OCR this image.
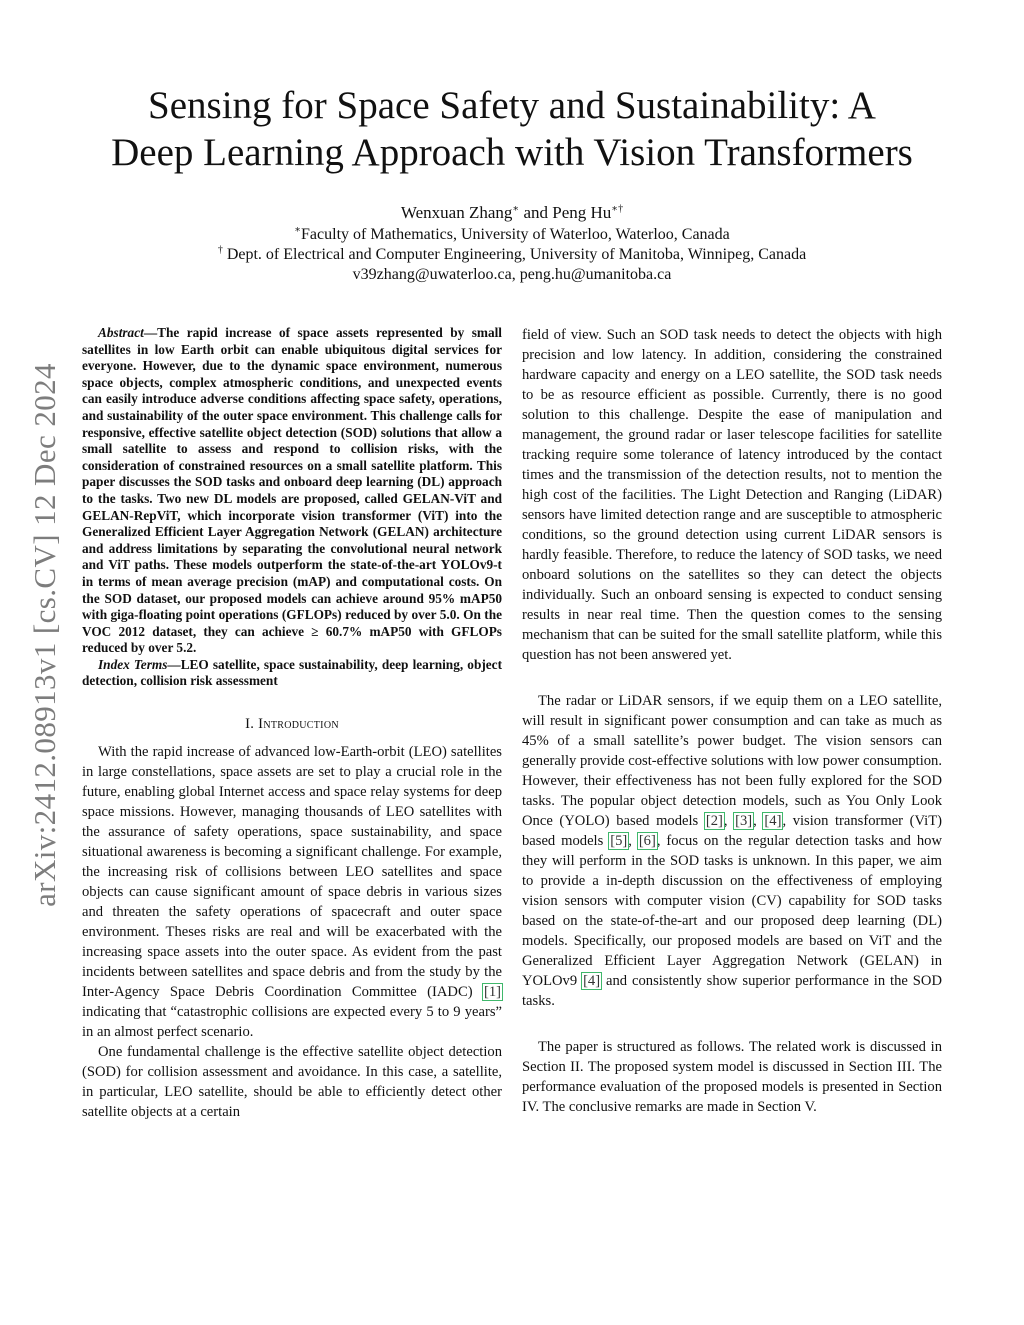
arXiv:2412.08913v1 [cs.CV] 12 Dec 2024
Sensing for Space Safety and Sustainability: A
Deep Learning Approach with Vision Transformers
Wenxuan Zhang∗ and Peng Hu∗†
∗Faculty of Mathematics, University of Waterloo, Waterloo, Canada
† Dept. of Electrical and Computer Engineering, University of Manitoba, Winnipeg, Canada
v39zhang@uwaterloo.ca, peng.hu@umanitoba.ca

Abstract—The rapid increase of space assets represented by small satellites in low Earth orbit can enable ubiquitous digital services for everyone. However, due to the dynamic space environment, numerous space objects, complex atmospheric conditions, and unexpected events can easily introduce adverse conditions affecting space safety, operations, and sustainability of the outer space environment. This challenge calls for responsive, effective satellite object detection (SOD) solutions that allow a small satellite to assess and respond to collision risks, with the consideration of constrained resources on a small satellite platform. This paper discusses the SOD tasks and onboard deep learning (DL) approach to the tasks. Two new DL models are proposed, called GELAN-ViT and GELAN-RepViT, which incorporate vision transformer (ViT) into the Generalized Efficient Layer Aggregation Network (GELAN) architecture and address limitations by separating the convolutional neural network and ViT paths. These models outperform the state-of-the-art YOLOv9-t in terms of mean average precision (mAP) and computational costs. On the SOD dataset, our proposed models can achieve around 95% mAP50 with giga-floating point operations (GFLOPs) reduced by over 5.0. On the VOC 2012 dataset, they can achieve ≥ 60.7% mAP50 with GFLOPs reduced by over 5.2.

Index Terms—LEO satellite, space sustainability, deep learning, object detection, collision risk assessment

I. Introduction

With the rapid increase of advanced low-Earth-orbit (LEO) satellites in large constellations, space assets are set to play a crucial role in the future, enabling global Internet access and space relay systems for deep space missions. However, managing thousands of LEO satellites with the assurance of safety operations, space sustainability, and space situational awareness is becoming a significant challenge. For example, the increasing risk of collisions between LEO satellites and space objects can cause significant amount of space debris in various sizes and threaten the safety operations of spacecraft and outer space environment. Theses risks are real and will be exacerbated with the increasing space assets into the outer space. As evident from the past incidents between satellites and space debris and from the study by the Inter-Agency Space Debris Coordination Committee (IADC) [1] indicating that “catastrophic collisions are expected every 5 to 9 years” in an almost perfect scenario.

One fundamental challenge is the effective satellite object detection (SOD) for collision assessment and avoidance. In this case, a satellite, in particular, LEO satellite, should be able to efficiently detect other satellite objects at a certain

field of view. Such an SOD task needs to detect the objects with high precision and low latency. In addition, considering the constrained hardware capacity and energy on a LEO satellite, the SOD task needs to be as resource efficient as possible. Currently, there is no good solution to this challenge. Despite the ease of manipulation and management, the ground radar or laser telescope facilities for satellite tracking require some tolerance of latency introduced by the contact times and the transmission of the detection results, not to mention the high cost of the facilities. The Light Detection and Ranging (LiDAR) sensors have limited detection range and are susceptible to atmospheric conditions, so the ground detection using current LiDAR sensors is hardly feasible. Therefore, to reduce the latency of SOD tasks, we need onboard solutions on the satellites so they can detect the objects individually. Such an onboard sensing is expected to conduct sensing results in near real time. Then the question comes to the sensing mechanism that can be suited for the small satellite platform, while this question has not been answered yet.

The radar or LiDAR sensors, if we equip them on a LEO satellite, will result in significant power consumption and can take as much as 45% of a small satellite’s power budget. The vision sensors can generally provide cost-effective solutions with low power consumption. However, their effectiveness has not been fully explored for the SOD tasks. The popular object detection models, such as You Only Look Once (YOLO) based models [2], [3], [4], vision transformer (ViT) based models [5], [6], focus on the regular detection tasks and how they will perform in the SOD tasks is unknown. In this paper, we aim to provide a in-depth discussion on the effectiveness of employing vision sensors with computer vision (CV) capability for SOD tasks based on the state-of-the-art and our proposed deep learning (DL) models. Specifically, our proposed models are based on ViT and the Generalized Efficient Layer Aggregation Network (GELAN) in YOLOv9 [4] and consistently show superior performance in the SOD tasks.

The paper is structured as follows. The related work is discussed in Section II. The proposed system model is discussed in Section III. The performance evaluation of the proposed models is presented in Section IV. The conclusive remarks are made in Section V.
